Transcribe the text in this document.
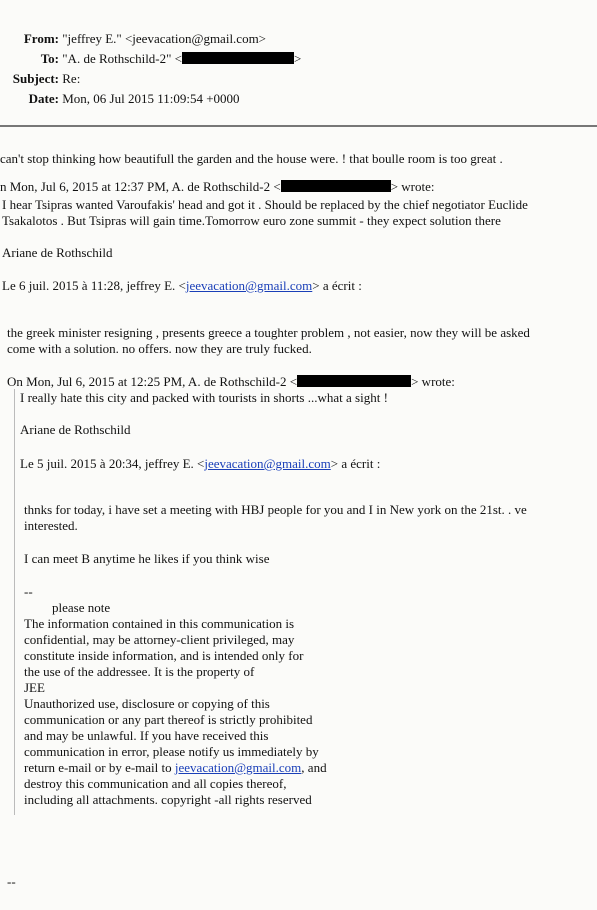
From: "jeffrey E." <jeevacation@gmail.com>
To: "A. de Rothschild-2" <	>
Subject: Re:
Date: Mon, 06 Jul 2015 11:09:54 +0000
can't stop thinking how beautifull the garden and the house were. ! that boulle room is too great .
n Mon, Jul 6, 2015 at 12:37 PM, A. de Rothschild-2 <	> wrote:
I hear Tsipras wanted Varoufakis' head and got it . Should be replaced by the chief negotiator Euclide
Tsakalotos . But Tsipras will gain time.Tomorrow euro zone summit - they expect solution there
Ariane de Rothschild
Le 6 juil. 2015 à 11:28, jeffrey E. <jeevacation@gmail.com> a écrit :
the greek minister resigning , presents greece a toughter problem , not easier, now they will be asked
come with a solution. no offers. now they are truly fucked.
On Mon, Jul 6, 2015 at 12:25 PM, A. de Rothschild-2 <	> wrote:
I really hate this city and packed with tourists in shorts ...what a sight !
Ariane de Rothschild
Le 5 juil. 2015 à 20:34, jeffrey E. <jeevacation@gmail.com> a écrit :
thnks for today, i have set a meeting with HBJ people for you and I in New york on the 21st. . ve
interested.
I can meet B anytime he likes if you think wise
--
please note
The information contained in this communication is
confidential, may be attorney-client privileged, may
constitute inside information, and is intended only for
the use of the addressee. It is the property of
JEE
Unauthorized use, disclosure or copying of this
communication or any part thereof is strictly prohibited
and may be unlawful. If you have received this
communication in error, please notify us immediately by
return e-mail or by e-mail to jeevacation@gmail.com, and
destroy this communication and all copies thereof,
including all attachments. copyright -all rights reserved
--
